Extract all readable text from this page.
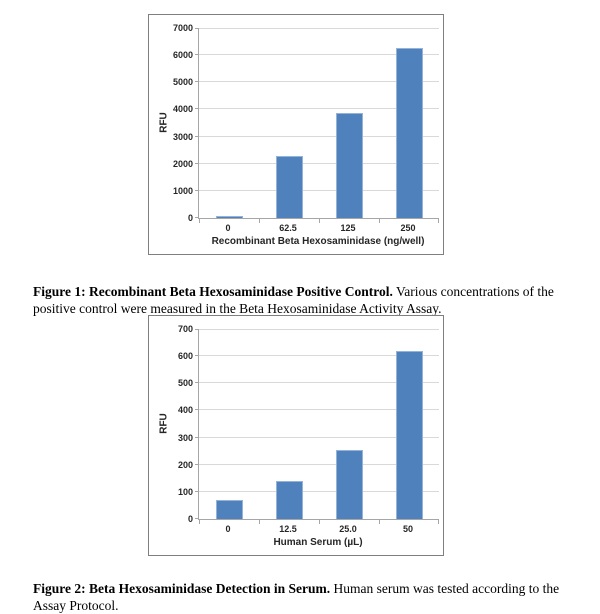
RFU
0
1000
2000
3000
4000
5000
6000
7000
0	62.5	125	250
Recombinant Beta Hexosaminidase (ng/well)

Figure 1: Recombinant Beta Hexosaminidase Positive Control. Various concentrations of the positive control were measured in the Beta Hexosaminidase Activity Assay.

RFU
0
100
200
300
400
500
600
700
0	12.5	25.0	50
Human Serum (µL)

Figure 2: Beta Hexosaminidase Detection in Serum. Human serum was tested according to the Assay Protocol.
